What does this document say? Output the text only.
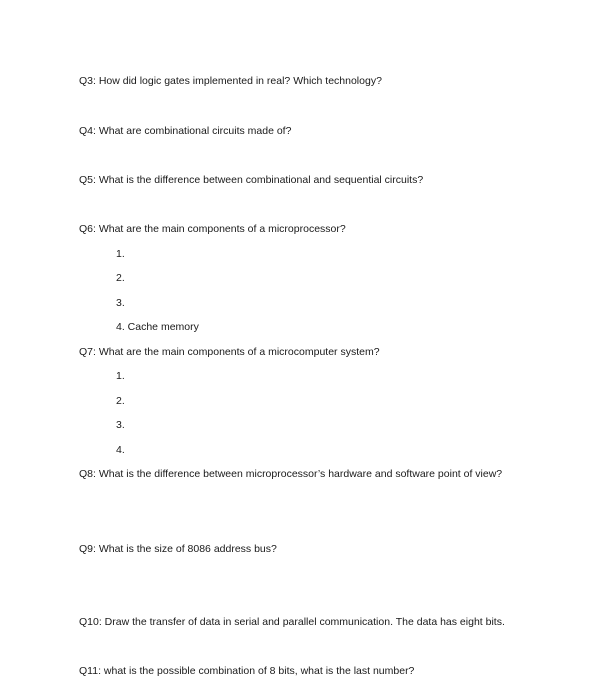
Q3: How did logic gates implemented in real? Which technology?
Q4: What are combinational circuits made of?
Q5: What is the difference between combinational and sequential circuits?
Q6: What are the main components of a microprocessor?
1.
2.
3.
4. Cache memory
Q7: What are the main components of a microcomputer system?
1.
2.
3.
4.
Q8: What is the difference between microprocessor’s hardware and software point of view?
Q9: What is the size of 8086 address bus?
Q10: Draw the transfer of data in serial and parallel communication. The data has eight bits.
Q11: what is the possible combination of 8 bits, what is the last number?
